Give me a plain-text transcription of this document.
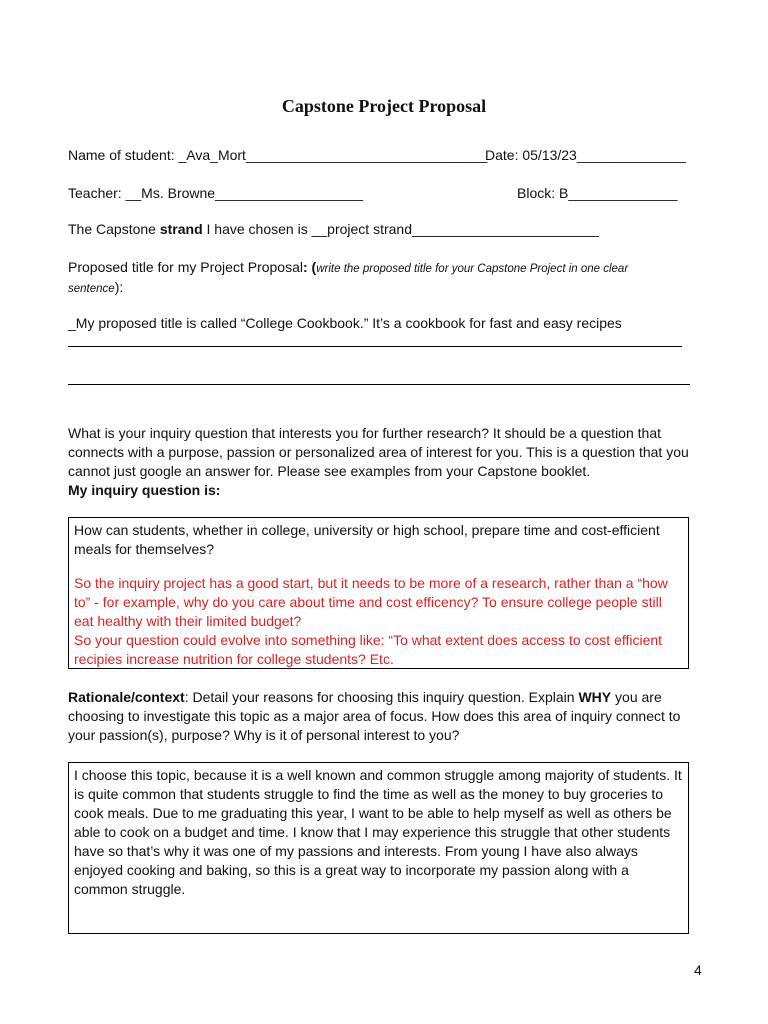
Capstone Project Proposal
Name of student: _Ava_Mort_______________________________
Date: 05/13/23______________
Teacher: __Ms. Browne___________________	Block: B______________
The Capstone strand I have chosen is __project strand________________________
Proposed title for my Project Proposal: (write the proposed title for your Capstone Project in one clear
sentence):
_My proposed title is called “College Cookbook.” It’s a cookbook for fast and easy recipes
What is your inquiry question that interests you for further research? It should be a question that connects with a purpose, passion or personalized area of interest for you. This is a question that you cannot just google an answer for. Please see examples from your Capstone booklet.
My inquiry question is:
How can students, whether in college, university or high school, prepare time and cost-efficient meals for themselves?
So the inquiry project has a good start, but it needs to be more of a research, rather than a “how to” - for example, why do you care about time and cost efficency? To ensure college people still eat healthy with their limited budget?
So your question could evolve into something like: “To what extent does access to cost efficient recipies increase nutrition for college students? Etc.
Rationale/context: Detail your reasons for choosing this inquiry question. Explain WHY you are choosing to investigate this topic as a major area of focus. How does this area of inquiry connect to your passion(s), purpose? Why is it of personal interest to you?
I choose this topic, because it is a well known and common struggle among majority of students. It is quite common that students struggle to find the time as well as the money to buy groceries to cook meals. Due to me graduating this year, I want to be able to help myself as well as others be able to cook on a budget and time. I know that I may experience this struggle that other students have so that’s why it was one of my passions and interests. From young I have also always enjoyed cooking and baking, so this is a great way to incorporate my passion along with a common struggle.
4
